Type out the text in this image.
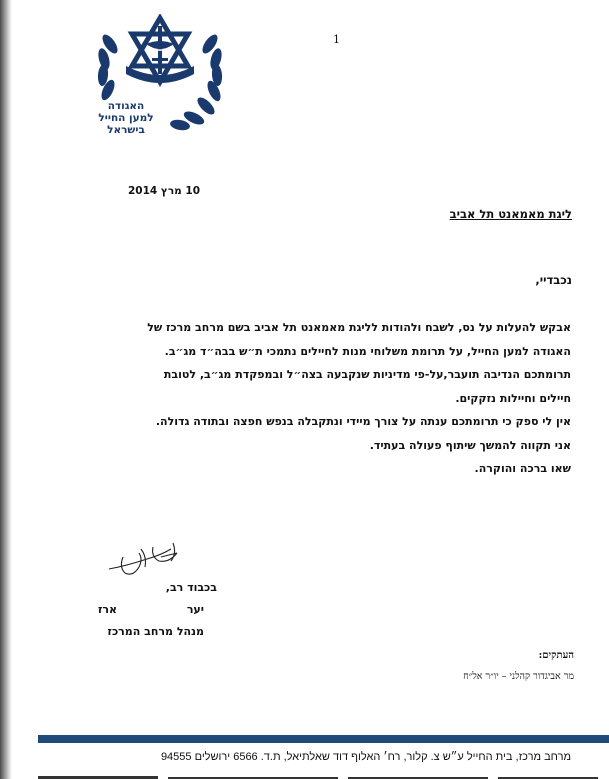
האגודה
למען החייל
בישראל
1
10 מרץ 2014
ליגת מאמאנט תל אביב
נכבדיי,

אבקש להעלות על נס, לשבח ולהודות לליגת מאמאנט תל אביב בשם מרחב מרכז של

האגודה למען החייל, על תרומת משלוחי מנות לחיילים נתמכי ת״ש בבה״ד מג״ב.

תרומתכם הנדיבה תועבר,על-פי מדיניות שנקבעה בצה״ל ובמפקדת מג״ב, לטובת

חיילים וחיילות נזקקים.

אין לי ספק כי תרומתכם ענתה על צורך מיידי ונתקבלה בנפש חפצה ובתודה גדולה.

אני תקווה להמשך שיתוף פעולה בעתיד.

שאו ברכה והוקרה.

בכבוד רב,
יער
ארז
מנהל מרחב המרכז
העתקים:
מר אביגדור קהלני – יו״ר אל״ח
מרחב מרכז, בית החייל ע״ש צ. קלור, רח׳ האלוף דוד שאלתיאל, ת.ד. 6566 ירושלים 94555
